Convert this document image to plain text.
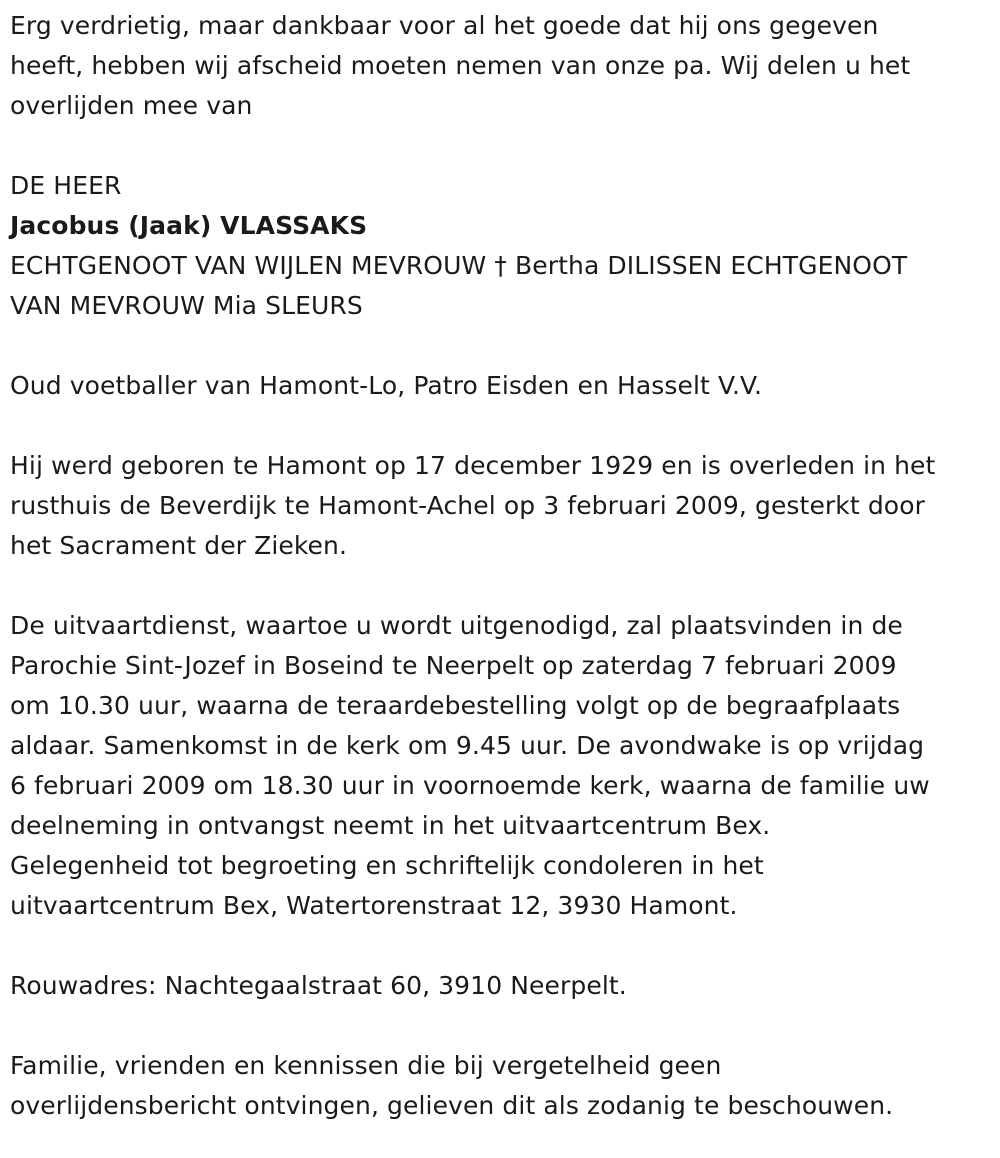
Erg verdrietig, maar dankbaar voor al het goede dat hij ons gegeven
heeft, hebben wij afscheid moeten nemen van onze pa. Wij delen u het
overlijden mee van
DE HEER
Jacobus (Jaak) VLASSAKS
ECHTGENOOT VAN WIJLEN MEVROUW † Bertha DILISSEN ECHTGENOOT
VAN MEVROUW Mia SLEURS
Oud voetballer van Hamont-Lo, Patro Eisden en Hasselt V.V.
Hij werd geboren te Hamont op 17 december 1929 en is overleden in het
rusthuis de Beverdijk te Hamont-Achel op 3 februari 2009, gesterkt door
het Sacrament der Zieken.
De uitvaartdienst, waartoe u wordt uitgenodigd, zal plaatsvinden in de
Parochie Sint-Jozef in Boseind te Neerpelt op zaterdag 7 februari 2009
om 10.30 uur, waarna de teraardebestelling volgt op de begraafplaats
aldaar. Samenkomst in de kerk om 9.45 uur. De avondwake is op vrijdag
6 februari 2009 om 18.30 uur in voornoemde kerk, waarna de familie uw
deelneming in ontvangst neemt in het uitvaartcentrum Bex.
Gelegenheid tot begroeting en schriftelijk condoleren in het
uitvaartcentrum Bex, Watertorenstraat 12, 3930 Hamont.
Rouwadres: Nachtegaalstraat 60, 3910 Neerpelt.
Familie, vrienden en kennissen die bij vergetelheid geen
overlijdensbericht ontvingen, gelieven dit als zodanig te beschouwen.
